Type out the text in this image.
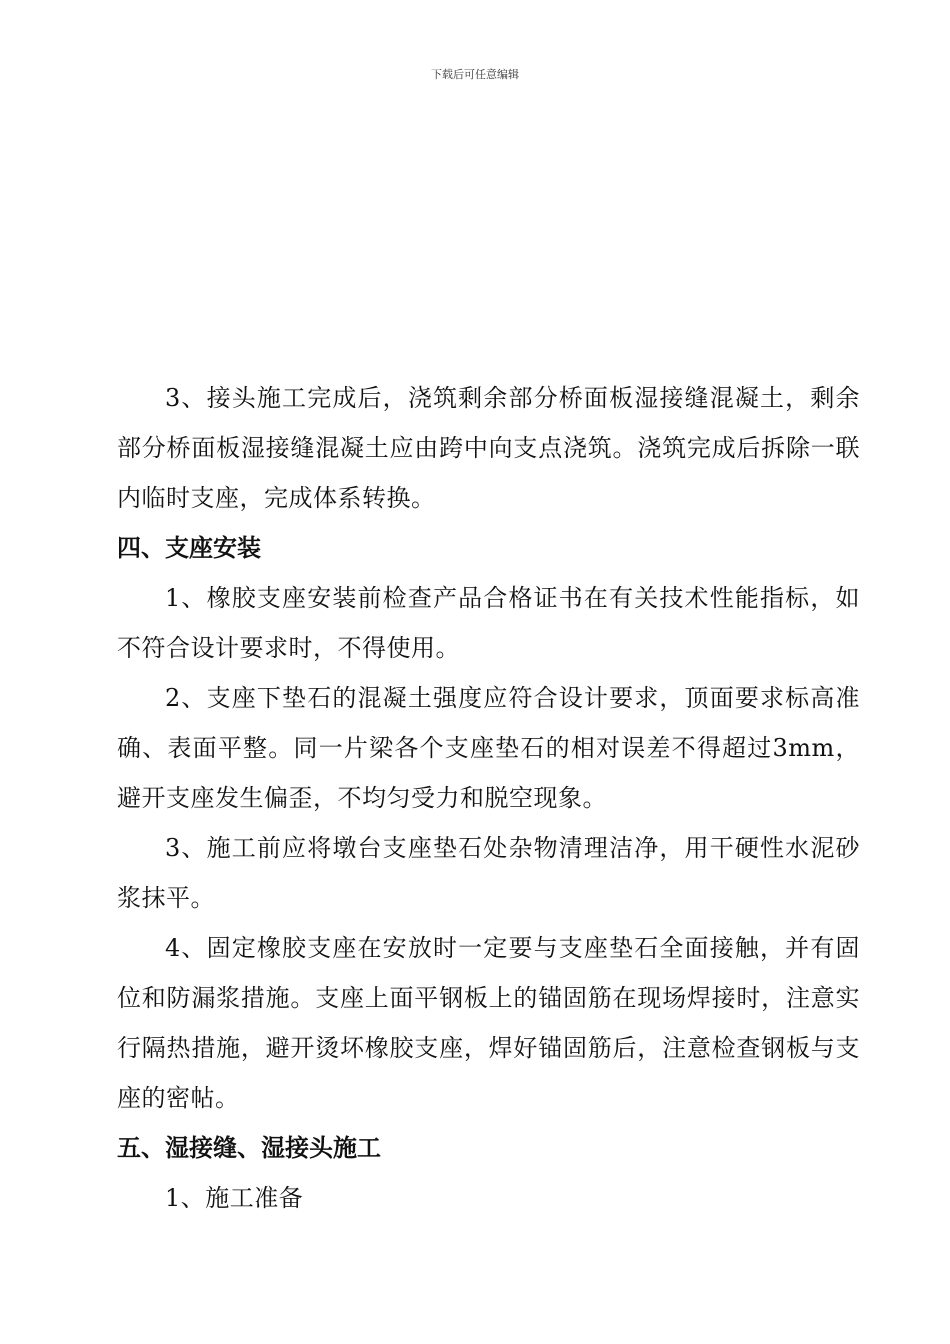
下载后可任意编辑

3、接头施工完成后，浇筑剩余部分桥面板湿接缝混凝土，剩余部分桥面板湿接缝混凝土应由跨中向支点浇筑。浇筑完成后拆除一联内临时支座，完成体系转换。

四、支座安装

1、橡胶支座安装前检查产品合格证书在有关技术性能指标，如不符合设计要求时，不得使用。

2、支座下垫石的混凝土强度应符合设计要求，顶面要求标高准确、表面平整。同一片梁各个支座垫石的相对误差不得超过3mm，避开支座发生偏歪，不均匀受力和脱空现象。

3、施工前应将墩台支座垫石处杂物清理洁净，用干硬性水泥砂浆抹平。

4、固定橡胶支座在安放时一定要与支座垫石全面接触，并有固位和防漏浆措施。支座上面平钢板上的锚固筋在现场焊接时，注意实行隔热措施，避开烫坏橡胶支座，焊好锚固筋后，注意检查钢板与支座的密帖。

五、湿接缝、湿接头施工

1、施工准备
